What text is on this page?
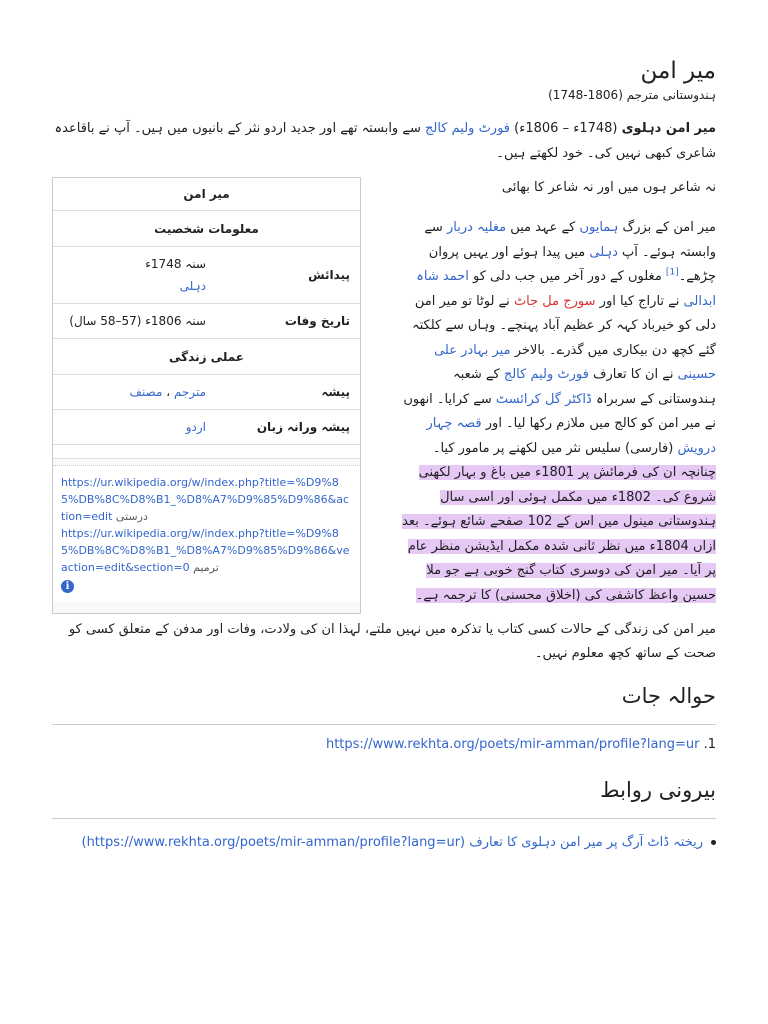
میر امن
ہندوستانی مترجم (1806-1748)
میر امن دہلوی (1748ء – 1806ء) فورٹ ولیم کالج سے وابستہ تھے اور جدید اردو نثر کے بانیوں میں ہیں۔ آپ نے باقاعدہ شاعری کبھی نہیں کی۔ خود لکھتے ہیں۔
نہ شاعر ہوں میں اور نہ شاعر کا بھائی
میر امن کے بزرگ ہمایوں کے عہد میں مغلیہ دربار سے وابستہ ہوئے۔ آپ دہلی میں پیدا ہوئے اور یہیں پروان چڑھے۔[1] مغلوں کے دور آخر میں جب دلی کو احمد شاہ ابدالی نے تاراج کیا اور سورج مل جاٹ نے لوٹا تو میر امن دلی کو خیرباد کہہ کر عظیم آباد پہنچے۔ وہاں سے کلکتہ گئے کچھ دن بیکاری میں گذرے۔ بالاخر میر بہادر علی حسینی نے ان کا تعارف فورٹ ولیم کالج کے شعبہ ہندوستانی کے سربراہ ڈاکٹر گل کرائسٹ سے کرایا۔ انھوں نے میر امن کو کالج میں ملازم رکھا لیا۔ اور قصہ چہار درویش (فارسی) سلیس نثر میں لکھنے پر مامور کیا۔ چنانچہ ان کی فرمائش پر 1801ء میں باغ و بہار لکھنی شروع کی۔ 1802ء میں مکمل ہوئی اور اسی سال ہندوستانی مینول میں اس کے 102 صفحے شائع ہوئے۔ بعد ازاں 1804ء میں نظر ثانی شدہ مکمل ایڈیشن منظر عام پر آیا۔ میر امن کی دوسری کتاب گنج خوبی ہے جو ملا حسین واعظ کاشفی کی (اخلاق محسنی) کا ترجمہ ہے۔
میر امن کی زندگی کے حالات کسی کتاب یا تذکرہ میں نہیں ملتے، لہذا ان کی ولادت، وفات اور مدفن کے متعلق کسی کو صحت کے ساتھ کچھ معلوم نہیں۔
میر امن
معلومات شخصیت
پیدائش
سنہ 1748ء
دہلی
تاریخ وفات
سنہ 1806ء (57–58 سال)
عملی زندگی
پیشہ
مترجم ، مصنف
پیشہ ورانہ زبان
اردو
https://ur.wikipedia.org/w/index.php?title=%D9%85%DB%8C%D8%B1_%D8%A7%D9%85%D9%86&action=edit درستی
https://ur.wikipedia.org/w/index.php?title=%D9%85%DB%8C%D8%B1_%D8%A7%D9%85%D9%86&veaction=edit&section=0 ترمیم
i
حوالہ جات
1. https://www.rekhta.org/poets/mir-amman/profile?lang=ur
بیرونی روابط
ریختہ ڈاٹ آرگ پر میر امن دہلوی کا تعارف (https://www.rekhta.org/poets/mir-amman/profile?lang=ur)
